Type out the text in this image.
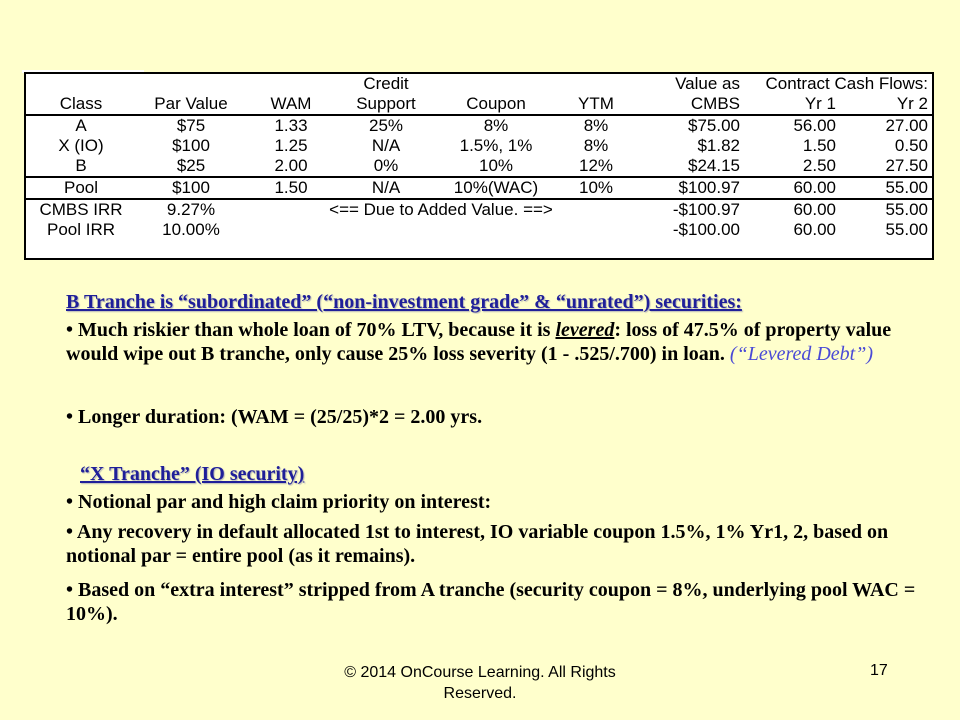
			Credit			Value as	Contract Cash Flows:	
Class	Par Value	WAM	Support	Coupon	YTM	CMBS	Yr 1	Yr 2
A	$75	1.33	25%	8%	8%	$75.00	56.00	27.00
X (IO)	$100	1.25	N/A	1.5%, 1%	8%	$1.82	1.50	0.50
B	$25	2.00	0%	10%	12%	$24.15	2.50	27.50
Pool	$100	1.50	N/A	10%(WAC)	10%	$100.97	60.00	55.00
CMBS IRR	9.27%	<== Due to Added Value. ==>				-$100.97	60.00	55.00
Pool IRR	10.00%					-$100.00	60.00	55.00
B Tranche is “subordinated” (“non-investment grade” & “unrated”) securities:
• Much riskier than whole loan of 70% LTV, because it is levered: loss of 47.5% of property value would wipe out B tranche, only cause 25% loss severity (1 - .525/.700) in loan. (“Levered Debt”)
• Longer duration: (WAM = (25/25)*2 = 2.00 yrs.
“X Tranche” (IO security)
• Notional par and high claim priority on interest:
• Any recovery in default allocated 1st to interest, IO variable coupon 1.5%, 1% Yr1, 2, based on notional par = entire pool (as it remains).
• Based on “extra interest” stripped from A tranche (security coupon = 8%, underlying pool WAC = 10%).
© 2014 OnCourse Learning. All Rights Reserved.
17
